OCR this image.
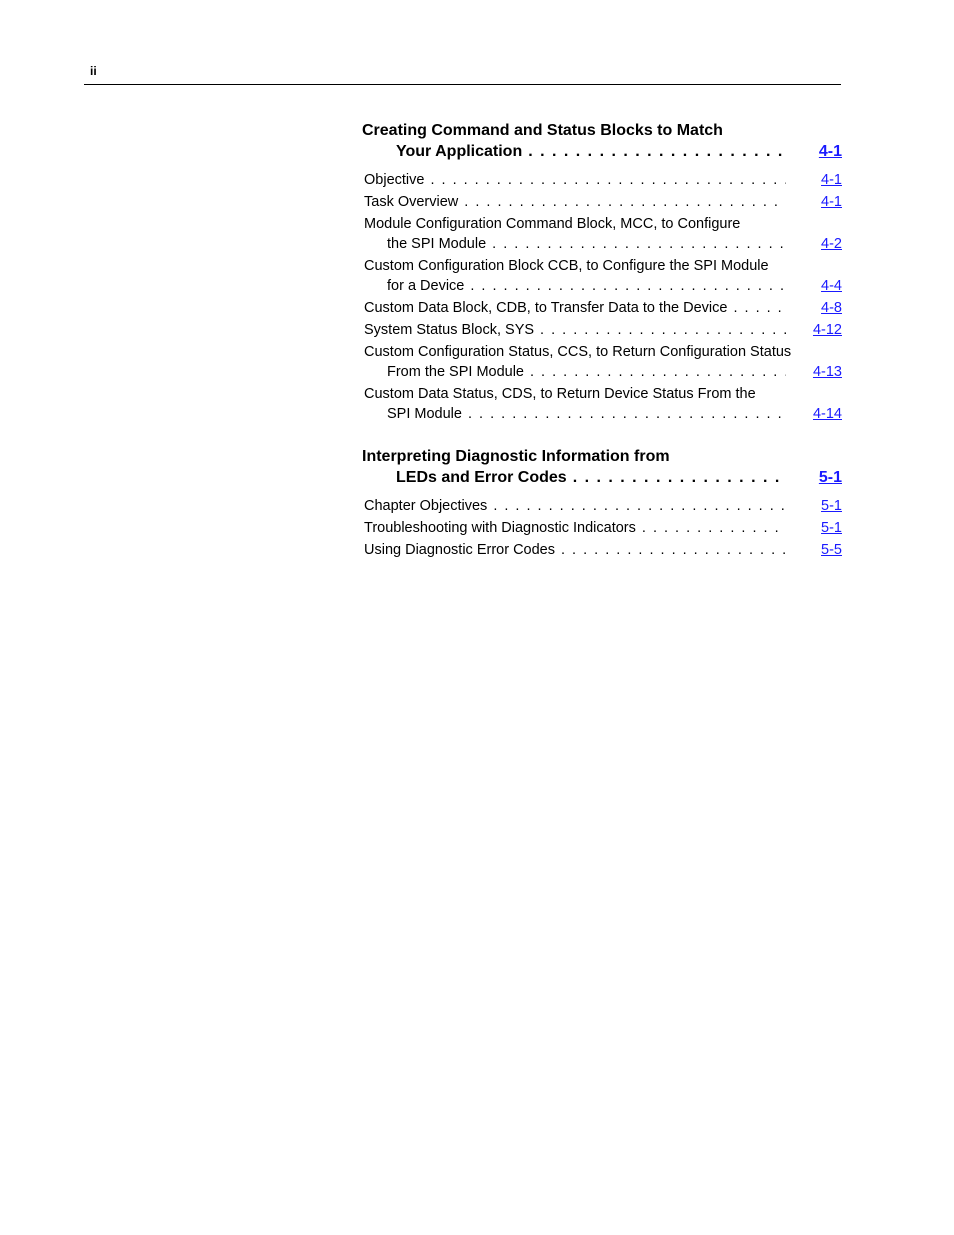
ii
Creating Command and Status Blocks to Match
Your Application . . .	4-1
Objective . . .	4-1
Task Overview . . .	4-1
Module Configuration Command Block, MCC, to Configure
the SPI Module . . .	4-2
Custom Configuration Block CCB, to Configure the SPI Module
for a Device . . .	4-4
Custom Data Block, CDB, to Transfer Data to the Device . . .	4-8
System Status Block, SYS . . .	4-12
Custom Configuration Status, CCS, to Return Configuration Status
From the SPI Module . . .	4-13
Custom Data Status, CDS, to Return Device Status From the
SPI Module . . .	4-14
Interpreting Diagnostic Information from
LEDs and Error Codes . . .	5-1
Chapter Objectives . . .	5-1
Troubleshooting with Diagnostic Indicators . . .	5-1
Using Diagnostic Error Codes . . .	5-5
